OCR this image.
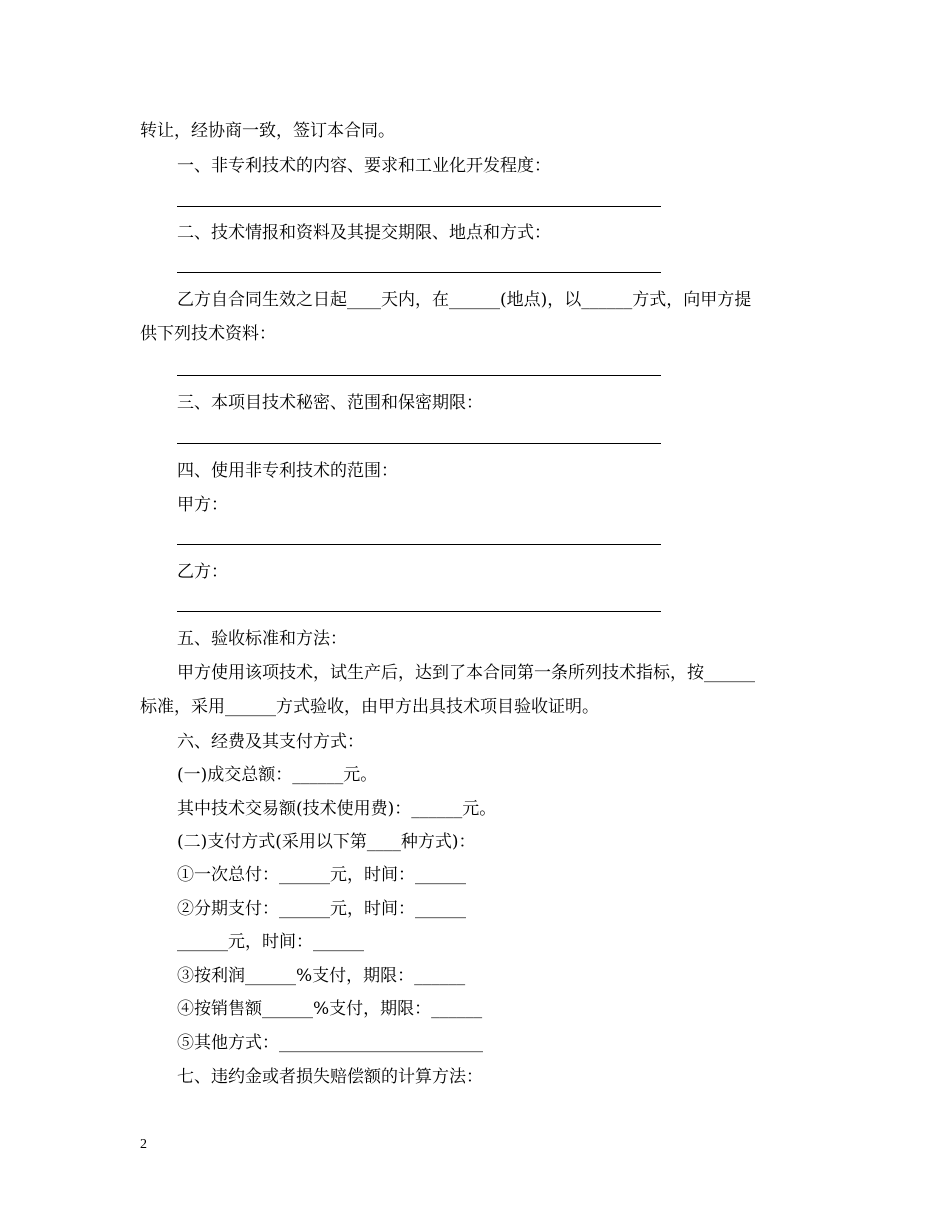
转让，经协商一致，签订本合同。
一、非专利技术的内容、要求和工业化开发程度：
二、技术情报和资料及其提交期限、地点和方式：
乙方自合同生效之日起____天内，在______(地点)，以______方式，向甲方提
供下列技术资料：
三、本项目技术秘密、范围和保密期限：
四、使用非专利技术的范围：
甲方：
乙方：
五、验收标准和方法：
甲方使用该项技术，试生产后，达到了本合同第一条所列技术指标，按______
标准，采用______方式验收，由甲方出具技术项目验收证明。
六、经费及其支付方式：
(一)成交总额：______元。
其中技术交易额(技术使用费)：______元。
(二)支付方式(采用以下第____种方式)：
①一次总付：______元，时间：______
②分期支付：______元，时间：______
______元，时间：______
③按利润______%支付，期限：______
④按销售额______%支付，期限：______
⑤其他方式：________________________
七、违约金或者损失赔偿额的计算方法：
2
